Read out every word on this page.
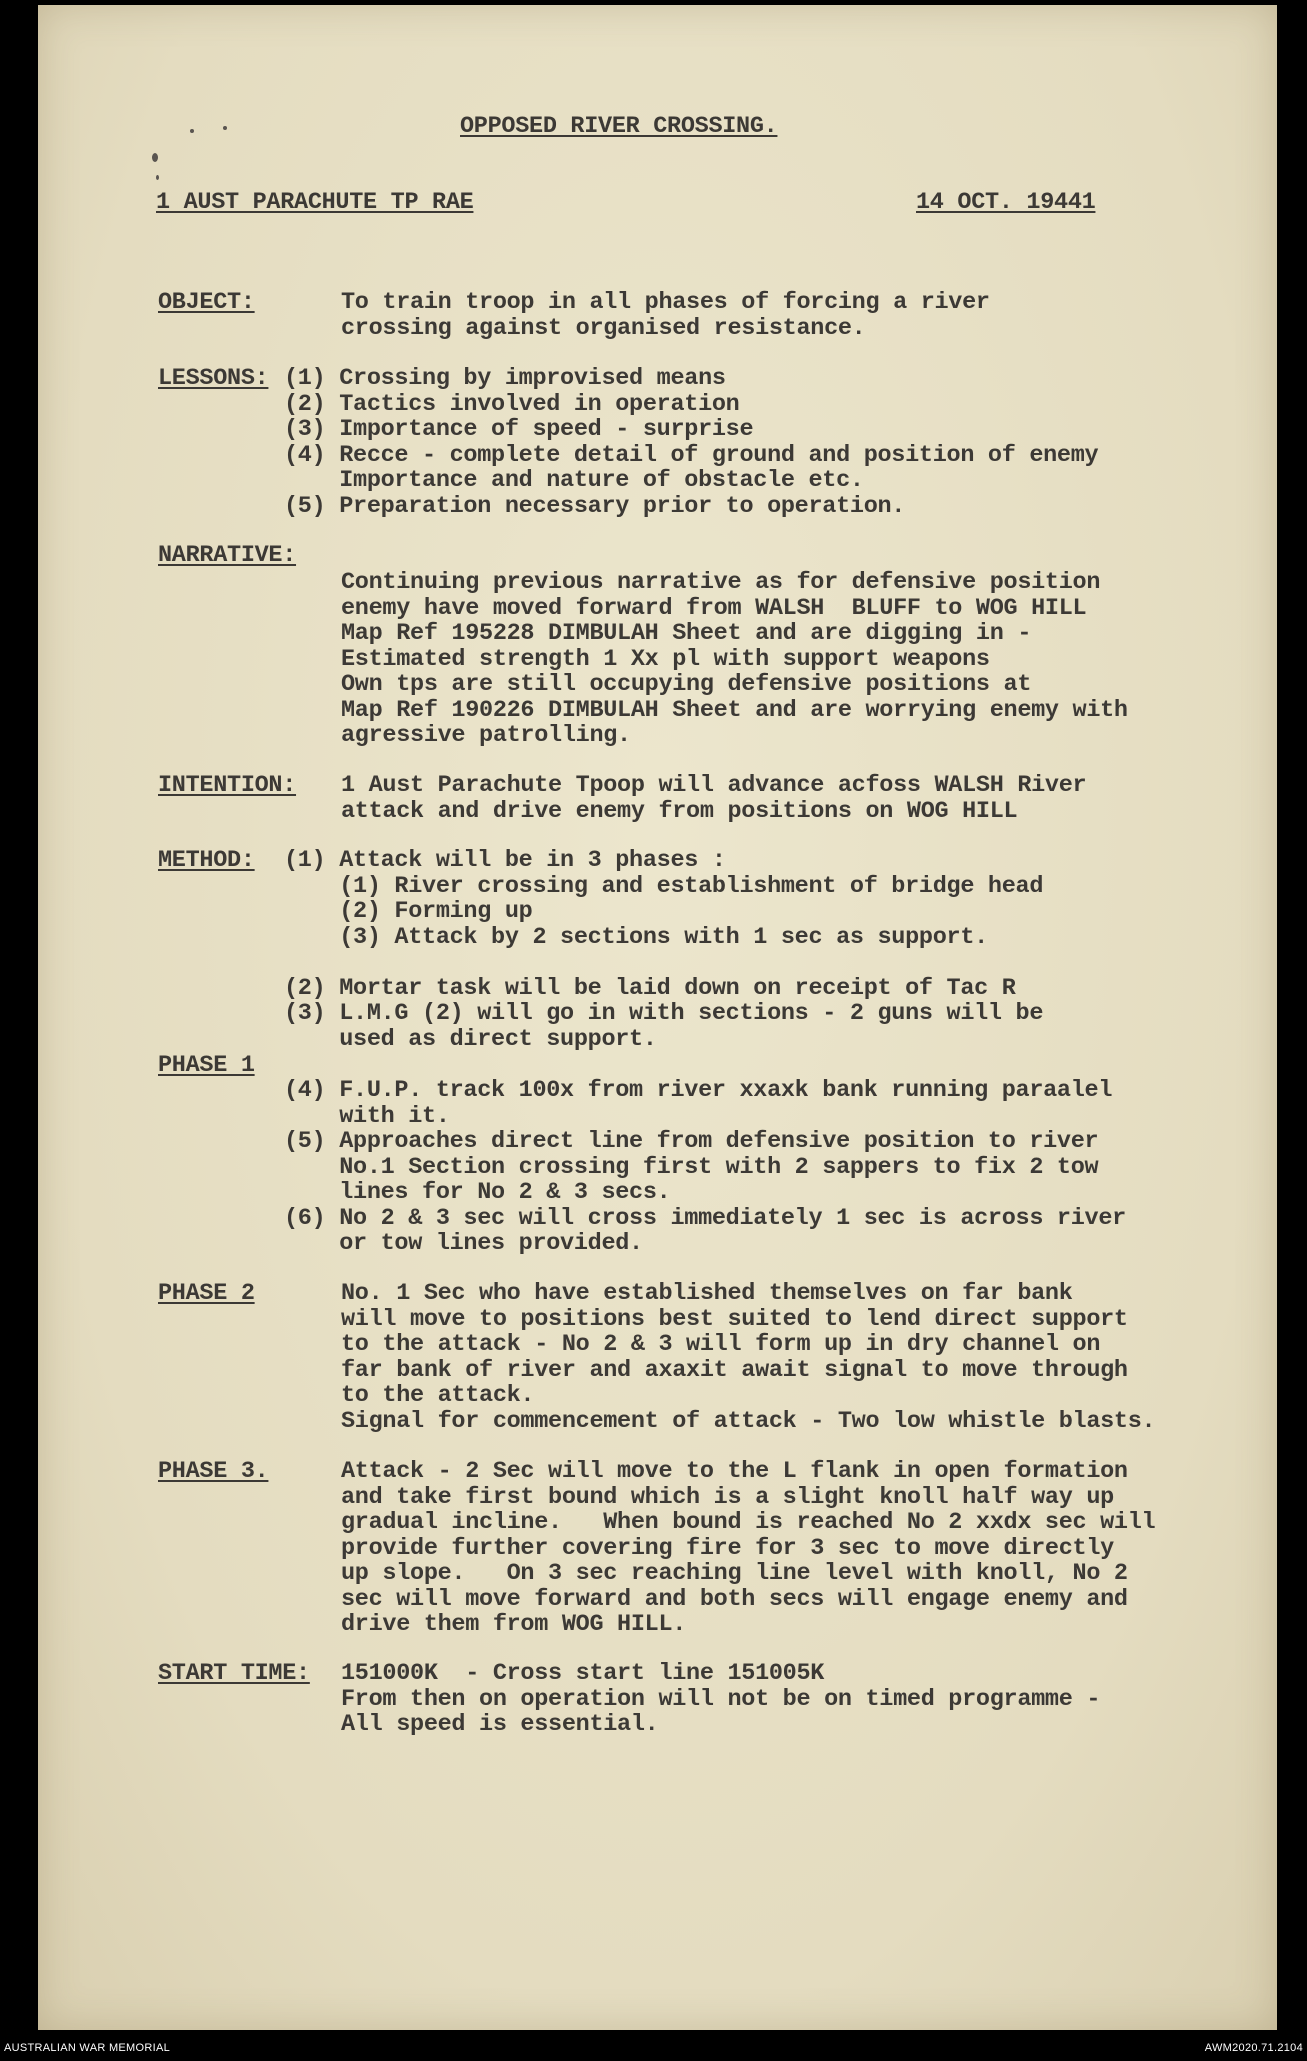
OPPOSED RIVER CROSSING.
1 AUST PARACHUTE TP RAE	14 OCT. 19441
OBJECT:	To train troop in all phases of forcing a river
crossing against organised resistance.
LESSONS: (1) Crossing by improvised means
(2) Tactics involved in operation
(3) Importance of speed - surprise
(4) Recce - complete detail of ground and position of enemy
Importance and nature of obstacle etc.
(5) Preparation necessary prior to operation.
NARRATIVE:
Continuing previous narrative as for defensive position
enemy have moved forward from WALSH  BLUFF to WOG HILL
Map Ref 195228 DIMBULAH Sheet and are digging in -
Estimated strength 1 Xx pl with support weapons
Own tps are still occupying defensive positions at
Map Ref 190226 DIMBULAH Sheet and are worrying enemy with
agressive patrolling.
INTENTION: 1 Aust Parachute Tpoop will advance acfoss WALSH River
attack and drive enemy from positions on WOG HILL
METHOD: (1) Attack will be in 3 phases :
(1) River crossing and establishment of bridge head
(2) Forming up
(3) Attack by 2 sections with 1 sec as support.
(2) Mortar task will be laid down on receipt of Tac R
(3) L.M.G (2) will go in with sections - 2 guns will be
used as direct support.
PHASE 1
(4) F.U.P. track 100x from river xxaxk bank running paraalel
with it.
(5) Approaches direct line from defensive position to river
No.1 Section crossing first with 2 sappers to fix 2 tow
lines for No 2 & 3 secs.
(6) No 2 & 3 sec will cross immediately 1 sec is across river
or tow lines provided.
PHASE 2	No. 1 Sec who have established themselves on far bank
will move to positions best suited to lend direct support
to the attack - No 2 & 3 will form up in dry channel on
far bank of river and axaxit await signal to move through
to the attack.
Signal for commencement of attack - Two low whistle blasts.
PHASE 3.	Attack - 2 Sec will move to the L flank in open formation
and take first bound which is a slight knoll half way up
gradual incline.   When bound is reached No 2 xxdx sec will
provide further covering fire for 3 sec to move directly
up slope.   On 3 sec reaching line level with knoll, No 2
sec will move forward and both secs will engage enemy and
drive them from WOG HILL.
START TIME: 151000K  - Cross start line 151005K
From then on operation will not be on timed programme -
All speed is essential.
AUSTRALIAN WAR MEMORIAL	AWM2020.71.2104
